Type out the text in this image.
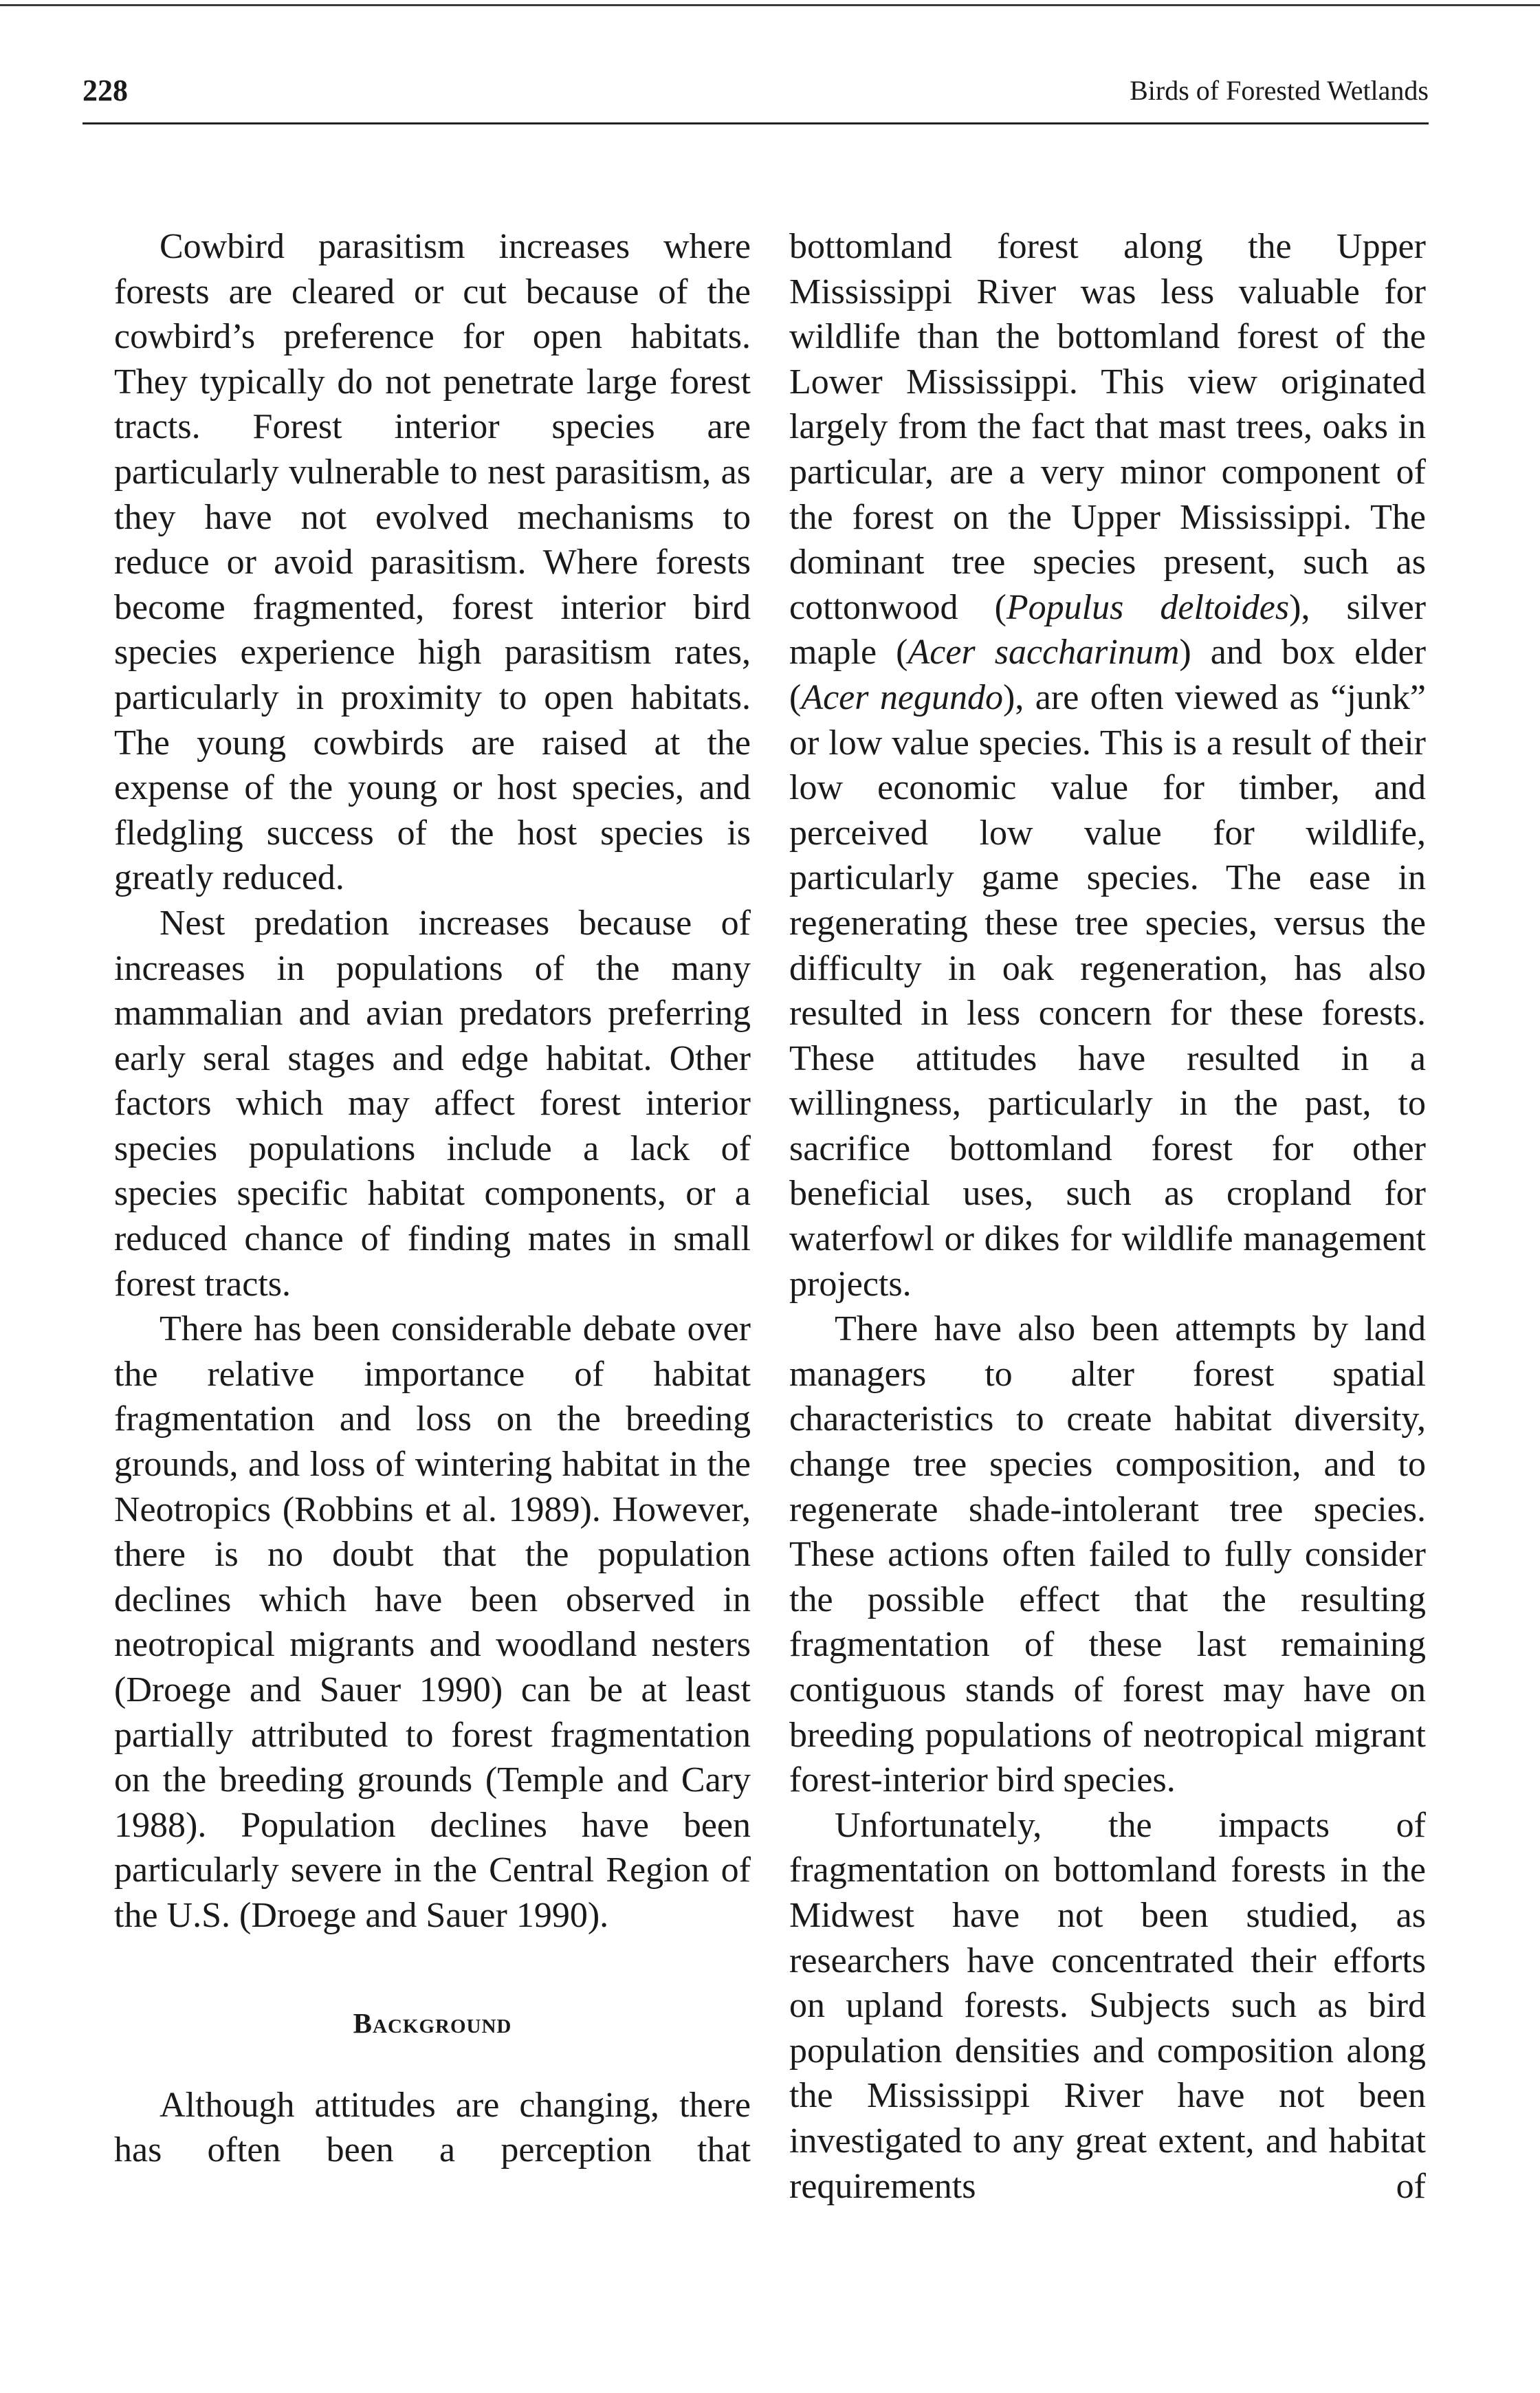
228	Birds of Forested Wetlands

Cowbird parasitism increases where forests are cleared or cut because of the cowbird’s preference for open habitats. They typically do not penetrate large forest tracts. Forest interior species are particularly vulnerable to nest parasitism, as they have not evolved mechanisms to reduce or avoid parasitism. Where forests become fragmented, forest interior bird species experience high parasitism rates, particularly in proximity to open habitats. The young cowbirds are raised at the expense of the young or host species, and fledgling success of the host species is greatly reduced.

Nest predation increases because of increases in populations of the many mammalian and avian predators preferring early seral stages and edge habitat. Other factors which may affect forest interior species populations include a lack of species specific habitat components, or a reduced chance of finding mates in small forest tracts.

There has been considerable debate over the relative importance of habitat fragmentation and loss on the breeding grounds, and loss of wintering habitat in the Neotropics (Robbins et al. 1989). However, there is no doubt that the population declines which have been observed in neotropical migrants and woodland nesters (Droege and Sauer 1990) can be at least partially attributed to forest fragmentation on the breeding grounds (Temple and Cary 1988). Population declines have been particularly severe in the Central Region of the U.S. (Droege and Sauer 1990).

Background

Although attitudes are changing, there has often been a perception that

bottomland forest along the Upper Mississippi River was less valuable for wildlife than the bottomland forest of the Lower Mississippi. This view originated largely from the fact that mast trees, oaks in particular, are a very minor component of the forest on the Upper Mississippi. The dominant tree species present, such as cottonwood (Populus deltoides), silver maple (Acer saccharinum) and box elder (Acer negundo), are often viewed as “junk” or low value species. This is a result of their low economic value for timber, and perceived low value for wildlife, particularly game species. The ease in regenerating these tree species, versus the difficulty in oak regeneration, has also resulted in less concern for these forests. These attitudes have resulted in a willingness, particularly in the past, to sacrifice bottomland forest for other beneficial uses, such as cropland for waterfowl or dikes for wildlife management projects.

There have also been attempts by land managers to alter forest spatial characteristics to create habitat diversity, change tree species composition, and to regenerate shade-intolerant tree species. These actions often failed to fully consider the possible effect that the resulting fragmentation of these last remaining contiguous stands of forest may have on breeding populations of neotropical migrant forest-interior bird species.

Unfortunately, the impacts of fragmentation on bottomland forests in the Midwest have not been studied, as researchers have concentrated their efforts on upland forests. Subjects such as bird population densities and composition along the Mississippi River have not been investigated to any great extent, and habitat requirements of
